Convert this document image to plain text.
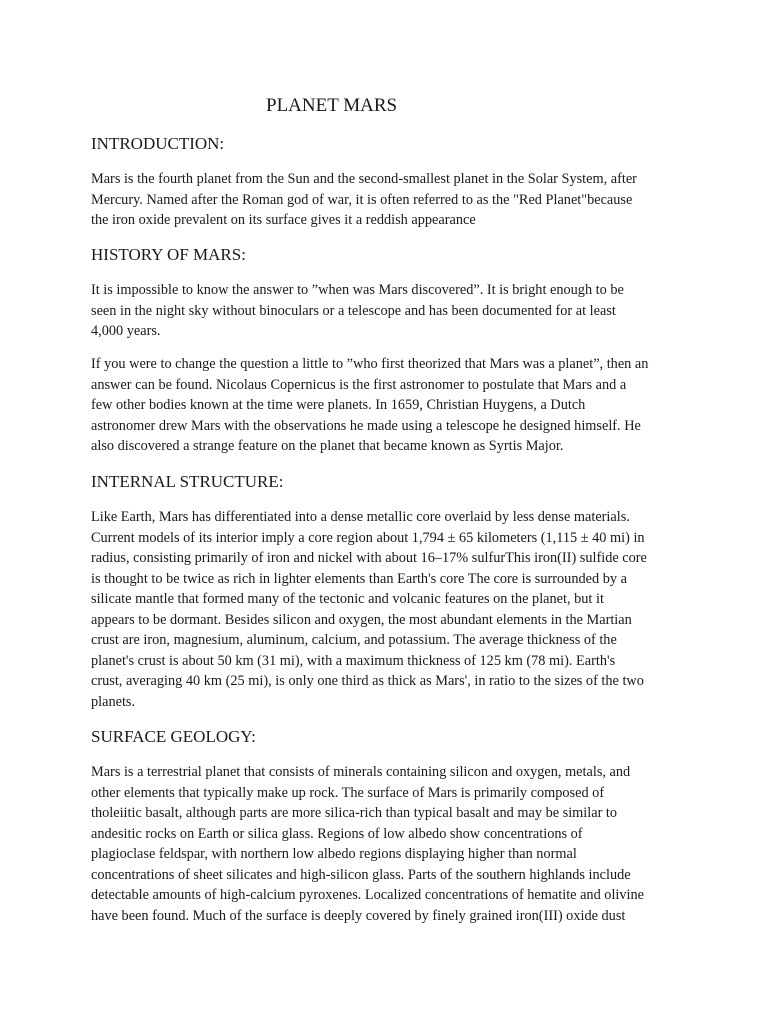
PLANET MARS
INTRODUCTION:

Mars is the fourth planet from the Sun and the second-smallest planet in the Solar System, after
Mercury. Named after the Roman god of war, it is often referred to as the "Red Planet"because
the iron oxide prevalent on its surface gives it a reddish appearance

HISTORY OF MARS:

It is impossible to know the answer to ”when was Mars discovered”. It is bright enough to be
seen in the night sky without binoculars or a telescope and has been documented for at least
4,000 years.

If you were to change the question a little to ”who first theorized that Mars was a planet”, then an
answer can be found. Nicolaus Copernicus is the first astronomer to postulate that Mars and a
few other bodies known at the time were planets. In 1659, Christian Huygens, a Dutch
astronomer drew Mars with the observations he made using a telescope he designed himself. He
also discovered a strange feature on the planet that became known as Syrtis Major.

INTERNAL STRUCTURE:

Like Earth, Mars has differentiated into a dense metallic core overlaid by less dense materials.
Current models of its interior imply a core region about 1,794 ± 65 kilometers (1,115 ± 40 mi) in
radius, consisting primarily of iron and nickel with about 16–17% sulfurThis iron(II) sulfide core
is thought to be twice as rich in lighter elements than Earth's core The core is surrounded by a
silicate mantle that formed many of the tectonic and volcanic features on the planet, but it
appears to be dormant. Besides silicon and oxygen, the most abundant elements in the Martian
crust are iron, magnesium, aluminum, calcium, and potassium. The average thickness of the
planet's crust is about 50 km (31 mi), with a maximum thickness of 125 km (78 mi). Earth's
crust, averaging 40 km (25 mi), is only one third as thick as Mars', in ratio to the sizes of the two
planets.

SURFACE GEOLOGY:

Mars is a terrestrial planet that consists of minerals containing silicon and oxygen, metals, and
other elements that typically make up rock. The surface of Mars is primarily composed of
tholeiitic basalt, although parts are more silica-rich than typical basalt and may be similar to
andesitic rocks on Earth or silica glass. Regions of low albedo show concentrations of
plagioclase feldspar, with northern low albedo regions displaying higher than normal
concentrations of sheet silicates and high-silicon glass. Parts of the southern highlands include
detectable amounts of high-calcium pyroxenes. Localized concentrations of hematite and olivine
have been found. Much of the surface is deeply covered by finely grained iron(III) oxide dust
